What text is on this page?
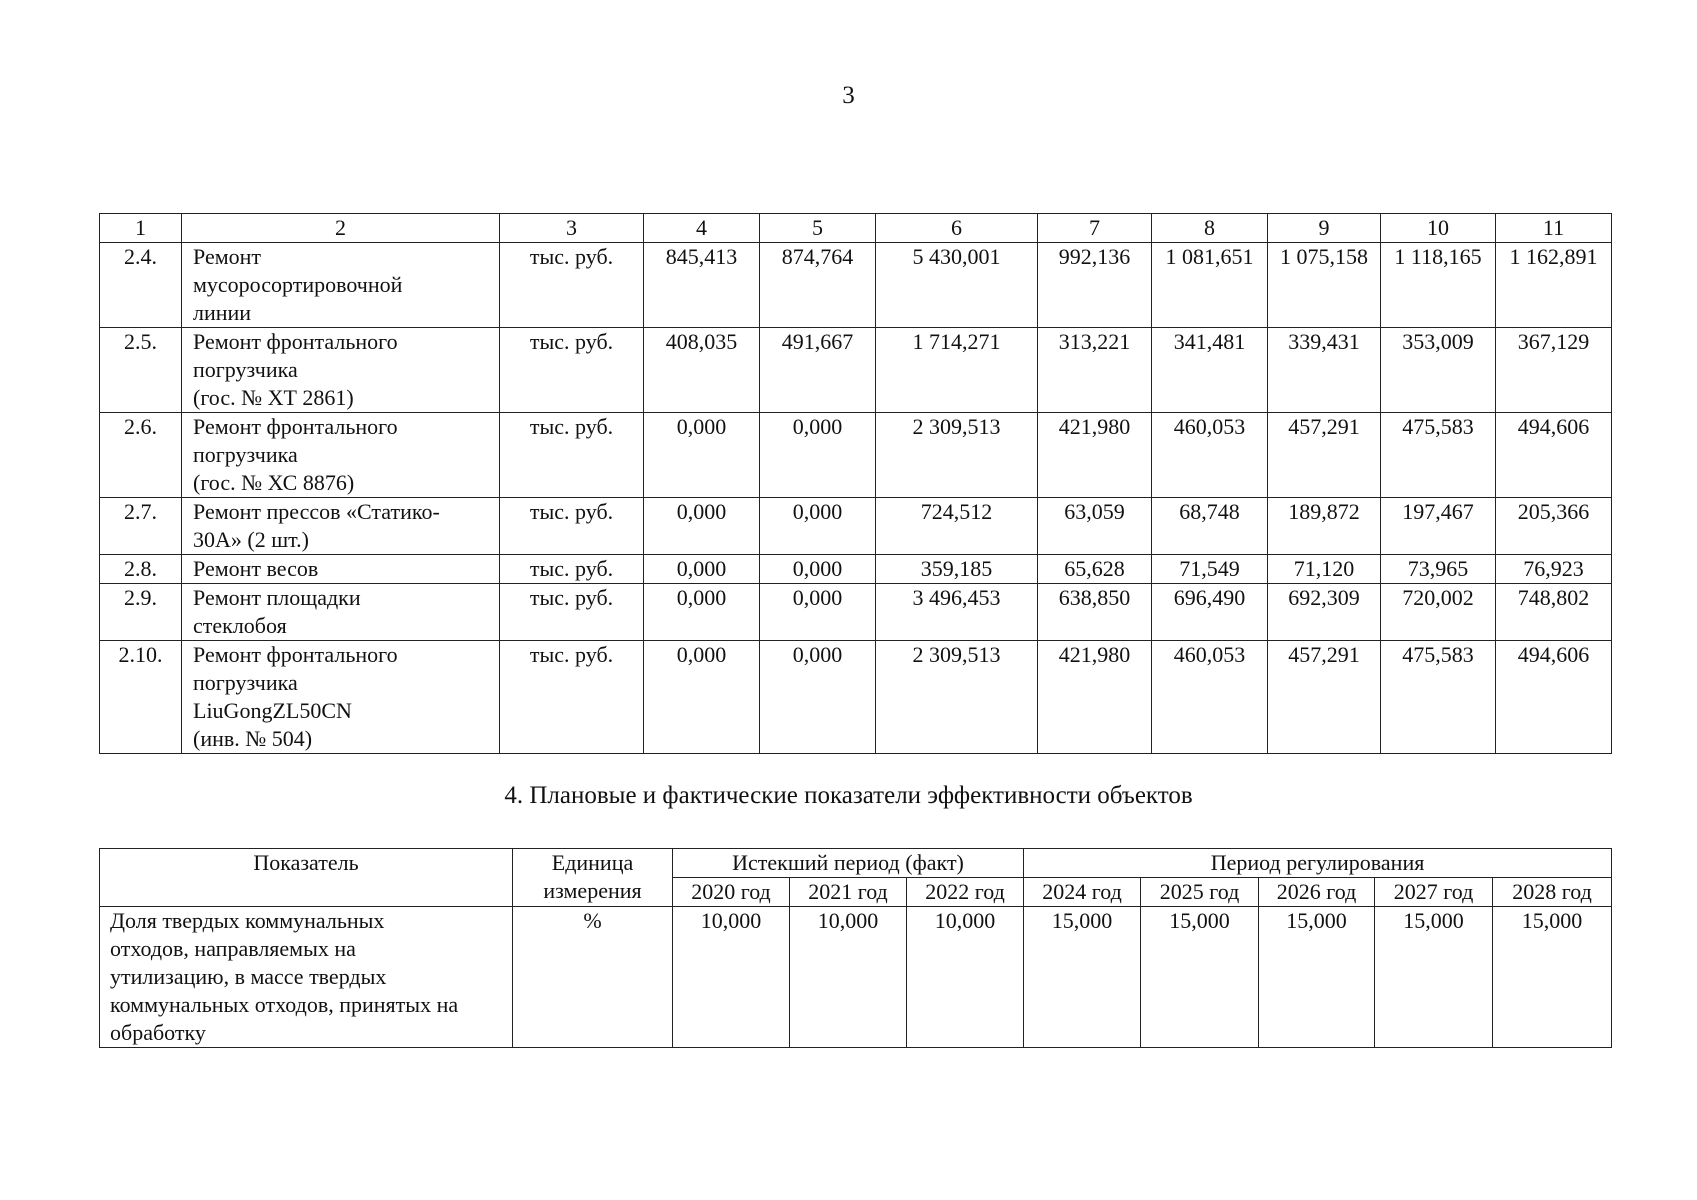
3
1	2	3	4	5	6	7	8	9	10	11
2.4.	Ремонт
мусоросортировочной
линии	тыс. руб.	845,413	874,764	5 430,001	992,136	1 081,651	1 075,158	1 118,165	1 162,891
2.5.	Ремонт фронтального
погрузчика
(гос. № ХТ 2861)	тыс. руб.	408,035	491,667	1 714,271	313,221	341,481	339,431	353,009	367,129
2.6.	Ремонт фронтального
погрузчика
(гос. № ХС 8876)	тыс. руб.	0,000	0,000	2 309,513	421,980	460,053	457,291	475,583	494,606
2.7.	Ремонт прессов «Статико-
30А» (2 шт.)	тыс. руб.	0,000	0,000	724,512	63,059	68,748	189,872	197,467	205,366
2.8.	Ремонт весов	тыс. руб.	0,000	0,000	359,185	65,628	71,549	71,120	73,965	76,923
2.9.	Ремонт площадки
стеклобоя	тыс. руб.	0,000	0,000	3 496,453	638,850	696,490	692,309	720,002	748,802
2.10.	Ремонт фронтального
погрузчика
LiuGongZL50CN
(инв. № 504)	тыс. руб.	0,000	0,000	2 309,513	421,980	460,053	457,291	475,583	494,606
4. Плановые и фактические показатели эффективности объектов
Показатель	Единица
измерения	Истекший период (факт)			Период регулирования				
		2020 год	2021 год	2022 год	2024 год	2025 год	2026 год	2027 год	2028 год
Доля твердых коммунальных
отходов, направляемых на
утилизацию, в массе твердых
коммунальных отходов, принятых на
обработку	%	10,000	10,000	10,000	15,000	15,000	15,000	15,000	15,000
